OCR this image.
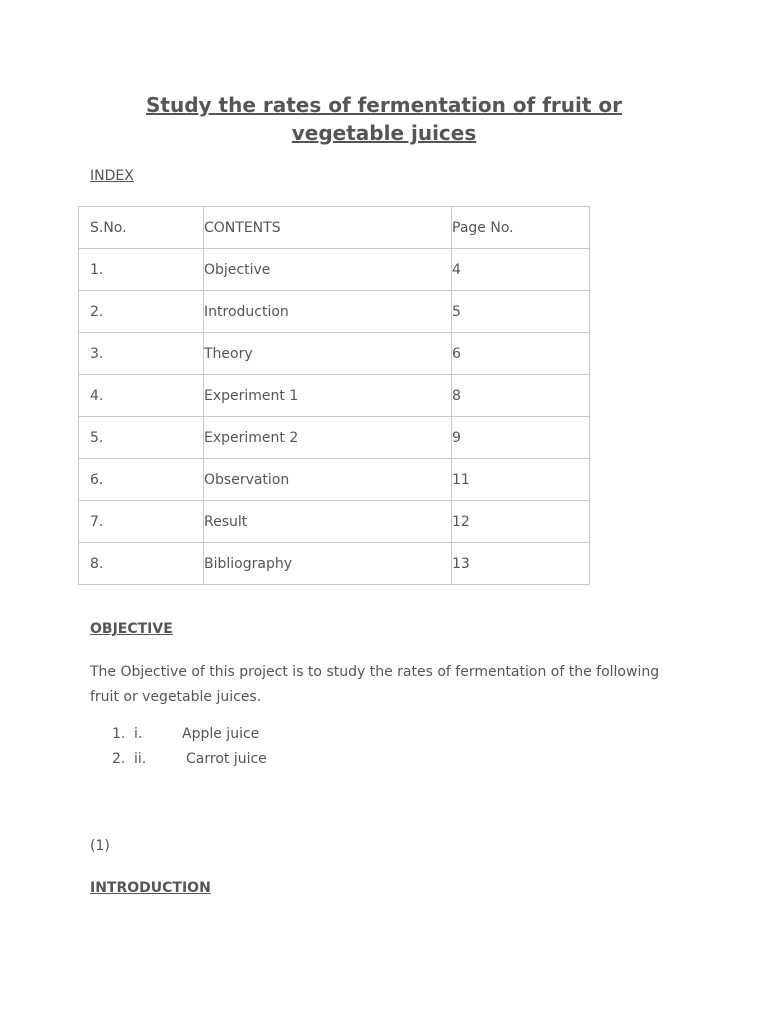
Study the rates of fermentation of fruit or vegetable juices
INDEX
S.No.	CONTENTS	Page No.
1.	Objective	4
2.	Introduction	5
3.	Theory	6
4.	Experiment 1	8
5.	Experiment 2	9
6.	Observation	11
7.	Result	12
8.	Bibliography	13
OBJECTIVE

The Objective of this project is to study the rates of fermentation of the following fruit or vegetable juices.

1. i.	Apple juice
2. ii.	Carrot juice
(1)
INTRODUCTION
